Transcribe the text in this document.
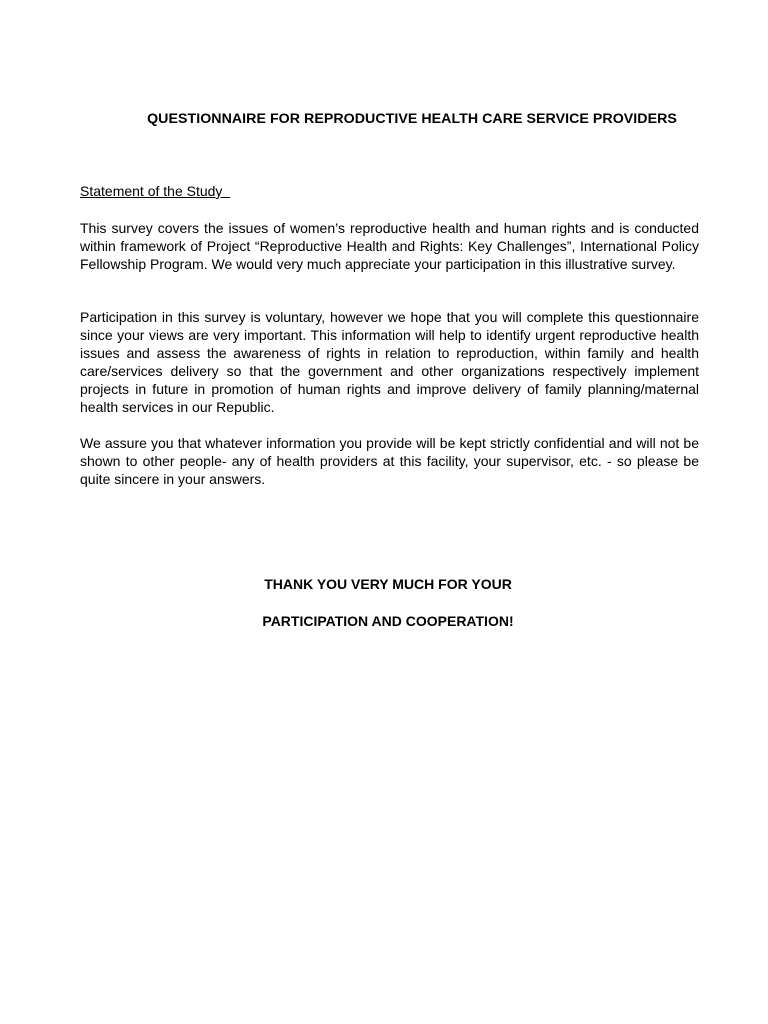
QUESTIONNAIRE FOR REPRODUCTIVE HEALTH CARE SERVICE PROVIDERS
Statement of the Study

This survey covers the issues of women’s reproductive health and human rights and is conducted within framework of Project “Reproductive Health and Rights: Key Challenges”, International Policy Fellowship Program. We would very much appreciate your participation in this illustrative survey.

Participation in this survey is voluntary, however we hope that you will complete this questionnaire since your views are very important. This information will help to identify urgent reproductive health issues and assess the awareness of rights in relation to reproduction, within family and health care/services delivery so that the government and other organizations respectively implement projects in future in promotion of human rights and improve delivery of family planning/maternal health services in our Republic.

We assure you that whatever information you provide will be kept strictly confidential and will not be shown to other people- any of health providers at this facility, your supervisor, etc. - so please be quite sincere in your answers.

THANK YOU VERY MUCH FOR YOUR
PARTICIPATION AND COOPERATION!
